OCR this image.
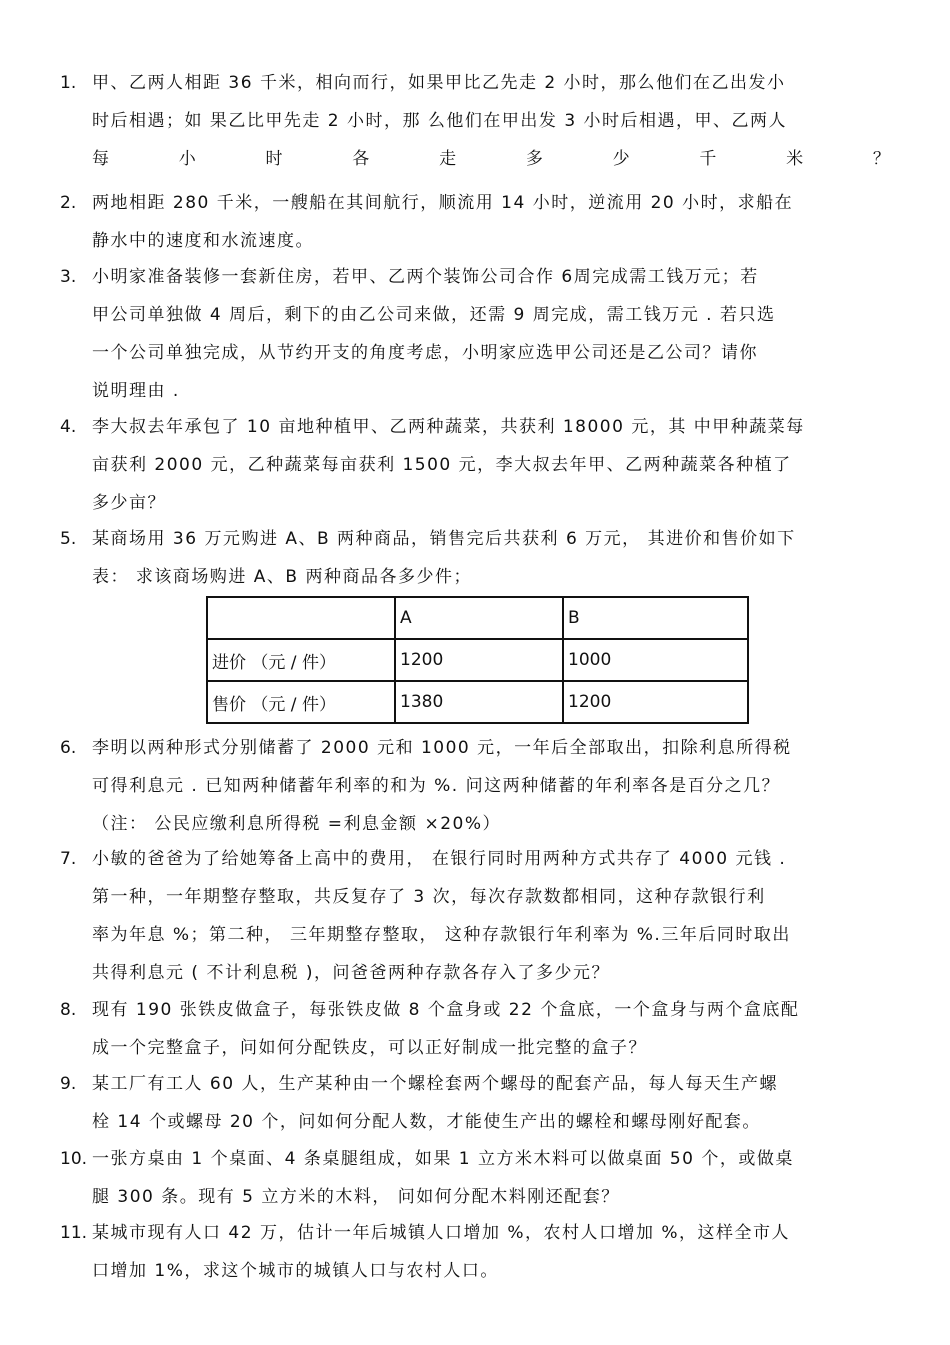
1. 甲、乙两人相距 36 千米，相向而行，如果甲比乙先走 2 小时，那么他们在乙出发小
时后相遇；如 果乙比甲先走 2 小时，那 么他们在甲出发 3 小时后相遇，甲、乙两人
每	小	时	各	走	多	少	千	米	？
2. 两地相距 280 千米，一艘船在其间航行，顺流用 14 小时，逆流用 20 小时，求船在
静水中的速度和水流速度。
3. 小明家准备装修一套新住房，若甲、乙两个装饰公司合作 6周完成需工钱万元；若
甲公司单独做 4 周后，剩下的由乙公司来做，还需 9 周完成，需工钱万元 . 若只选
一个公司单独完成，从节约开支的角度考虑，小明家应选甲公司还是乙公司？请你
说明理由 .
4. 李大叔去年承包了 10 亩地种植甲、乙两种蔬菜，共获利 18000 元，其 中甲种蔬菜每
亩获利 2000 元，乙种蔬菜每亩获利 1500 元，李大叔去年甲、乙两种蔬菜各种植了
多少亩？
5. 某商场用 36 万元购进 A、B 两种商品，销售完后共获利 6 万元， 其进价和售价如下
表： 求该商场购进 A、B 两种商品各多少件；
	A	B
进价 （元 / 件）	1200	1000
售价 （元 / 件）	1380	1200
6. 李明以两种形式分别储蓄了 2000 元和 1000 元，一年后全部取出，扣除利息所得税
可得利息元 . 已知两种储蓄年利率的和为 %. 问这两种储蓄的年利率各是百分之几？
（注： 公民应缴利息所得税 =利息金额 ×20%）
7. 小敏的爸爸为了给她筹备上高中的费用， 在银行同时用两种方式共存了 4000 元钱 .
第一种，一年期整存整取，共反复存了 3 次，每次存款数都相同，这种存款银行利
率为年息 %；第二种， 三年期整存整取， 这种存款银行年利率为 %.三年后同时取出
共得利息元 ( 不计利息税 )，问爸爸两种存款各存入了多少元？
8. 现有 190 张铁皮做盒子，每张铁皮做 8 个盒身或 22 个盒底，一个盒身与两个盒底配
成一个完整盒子，问如何分配铁皮，可以正好制成一批完整的盒子？
9. 某工厂有工人 60 人，生产某种由一个螺栓套两个螺母的配套产品，每人每天生产螺
栓 14 个或螺母 20 个，问如何分配人数，才能使生产出的螺栓和螺母刚好配套。
10. 一张方桌由 1 个桌面、4 条桌腿组成，如果 1 立方米木料可以做桌面 50 个，或做桌
腿 300 条。现有 5 立方米的木料， 问如何分配木料刚还配套？
11. 某城市现有人口 42 万，估计一年后城镇人口增加 %，农村人口增加 %，这样全市人
口增加 1%，求这个城市的城镇人口与农村人口。
